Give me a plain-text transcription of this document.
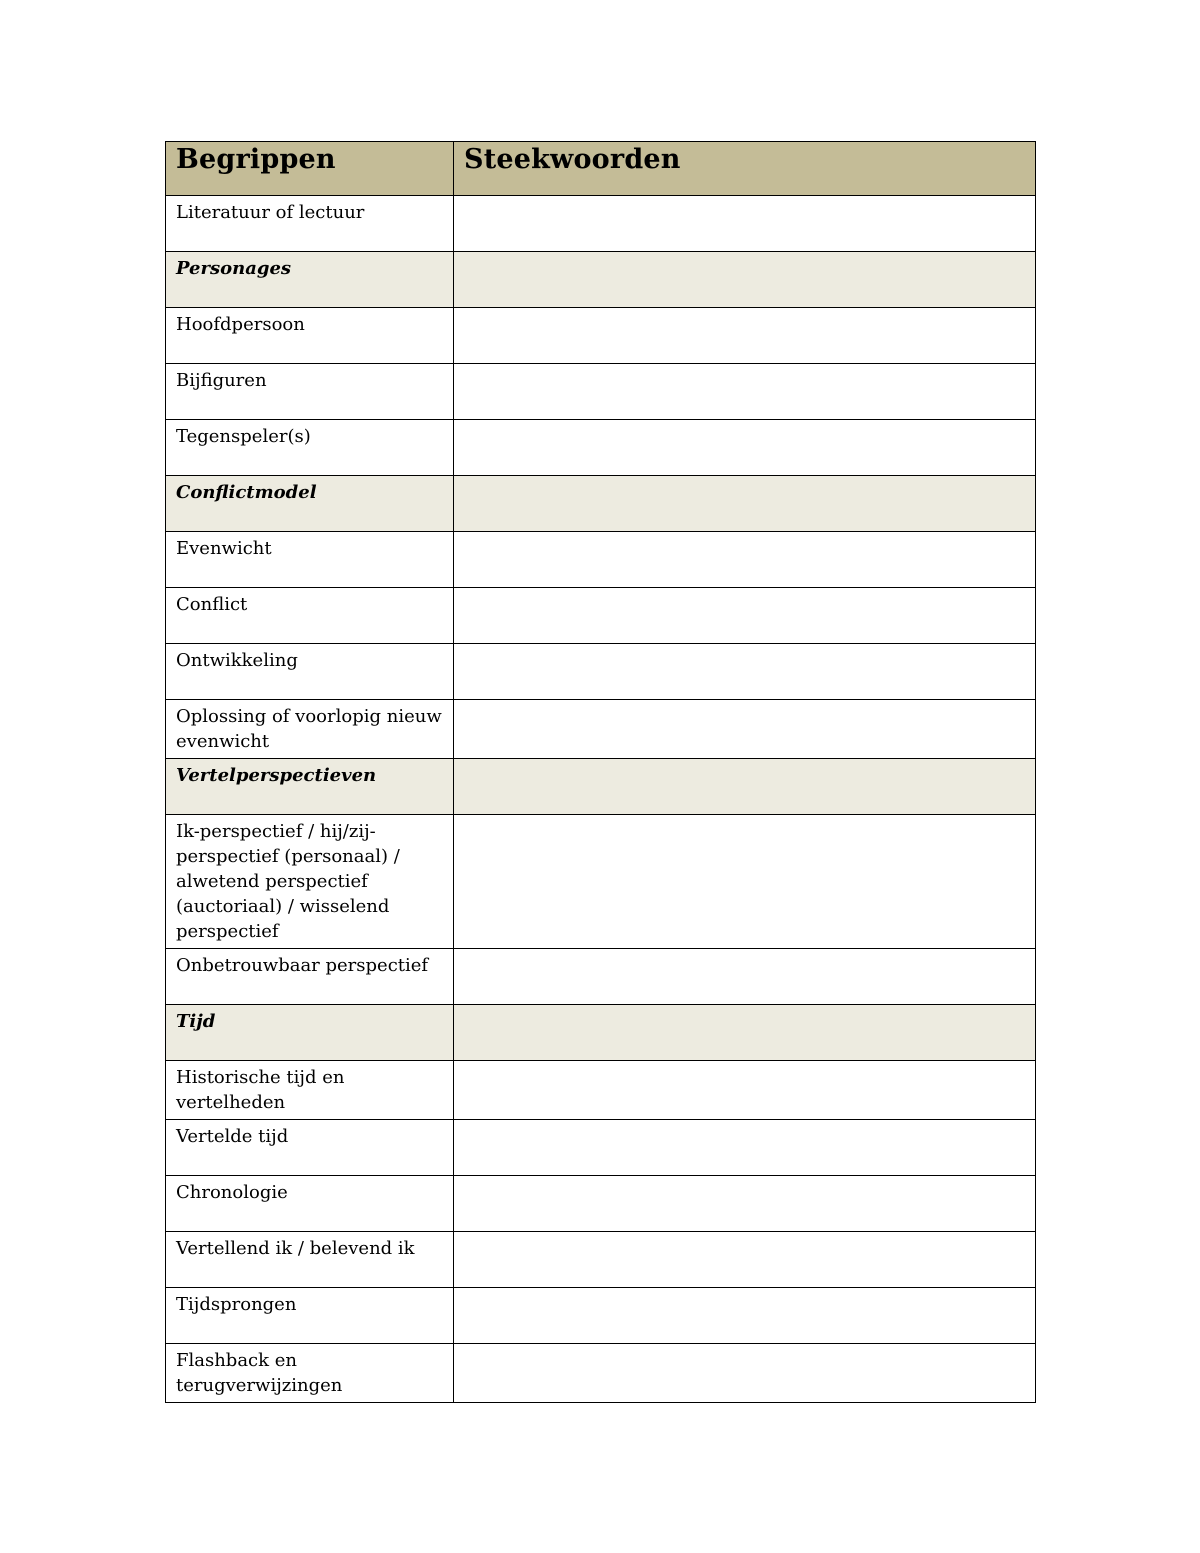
Begrippen	Steekwoorden
Literatuur of lectuur	
Personages	
Hoofdpersoon	
Bijfiguren	
Tegenspeler(s)	
Conflictmodel	
Evenwicht	
Conflict	
Ontwikkeling	
Oplossing of voorlopig nieuw evenwicht	
Vertelperspectieven	
Ik-perspectief / hij/zij-perspectief (personaal) / alwetend perspectief (auctoriaal) / wisselend perspectief	
Onbetrouwbaar perspectief	
Tijd	
Historische tijd en vertelheden	
Vertelde tijd	
Chronologie	
Vertellend ik / belevend ik	
Tijdsprongen	
Flashback en terugverwijzingen	
